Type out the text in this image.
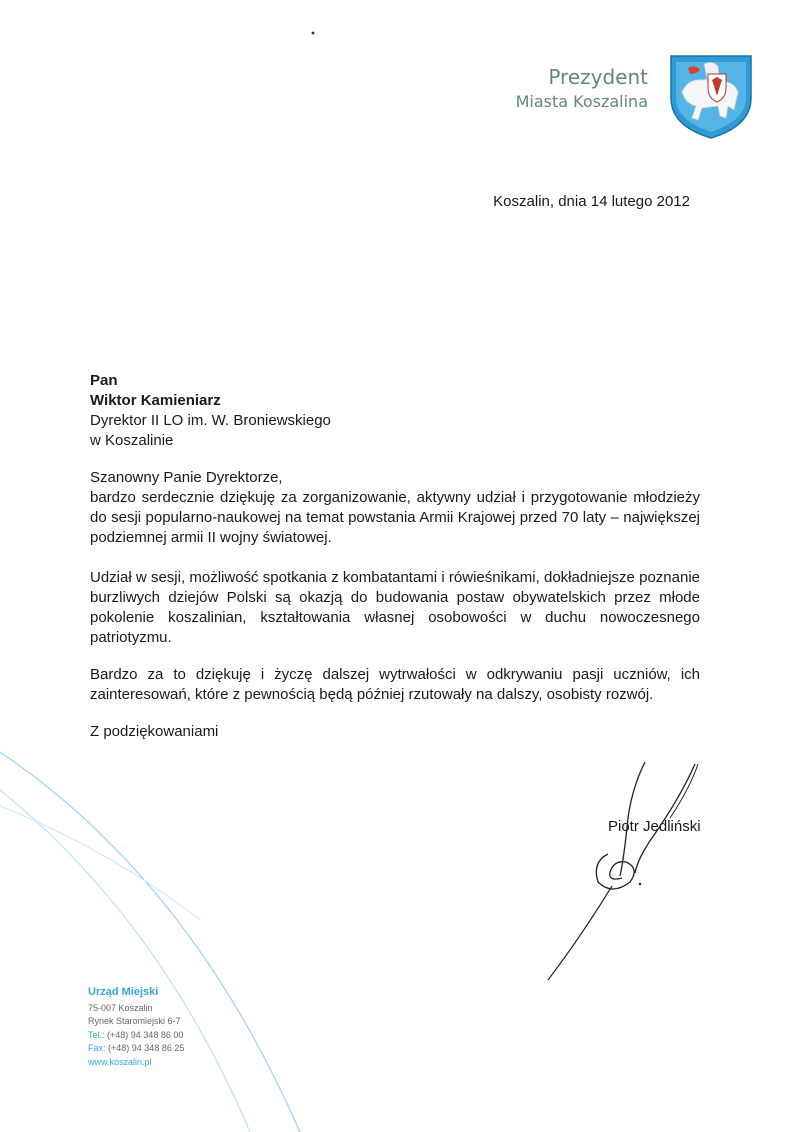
Prezydent
Miasta Koszalina
Koszalin, dnia 14 lutego 2012
Pan
Wiktor Kamieniarz
Dyrektor II LO im. W. Broniewskiego
w Koszalinie

Szanowny Panie Dyrektorze,

bardzo serdecznie dziękuję za zorganizowanie, aktywny udział i przygotowanie młodzieży do sesji popularno-naukowej na temat powstania Armii Krajowej przed 70 laty – największej podziemnej armii II wojny światowej.

Udział w sesji, możliwość spotkania z kombatantami i rówieśnikami, dokładniejsze poznanie burzliwych dziejów Polski są okazją do budowania postaw obywatelskich przez młode pokolenie koszalinian, kształtowania własnej osobowości w duchu nowoczesnego patriotyzmu.

Bardzo za to dziękuję i życzę dalszej wytrwałości w odkrywaniu pasji uczniów, ich zainteresowań, które z pewnością będą później rzutowały na dalszy, osobisty rozwój.

Z podziękowaniami
Piotr Jedliński
Urząd Miejski
75-007 Koszalin
Rynek Staromiejski 6-7
Tel.: (+48) 94 348 86 00
Fax: (+48) 94 348 86 25
www.koszalin.pl
